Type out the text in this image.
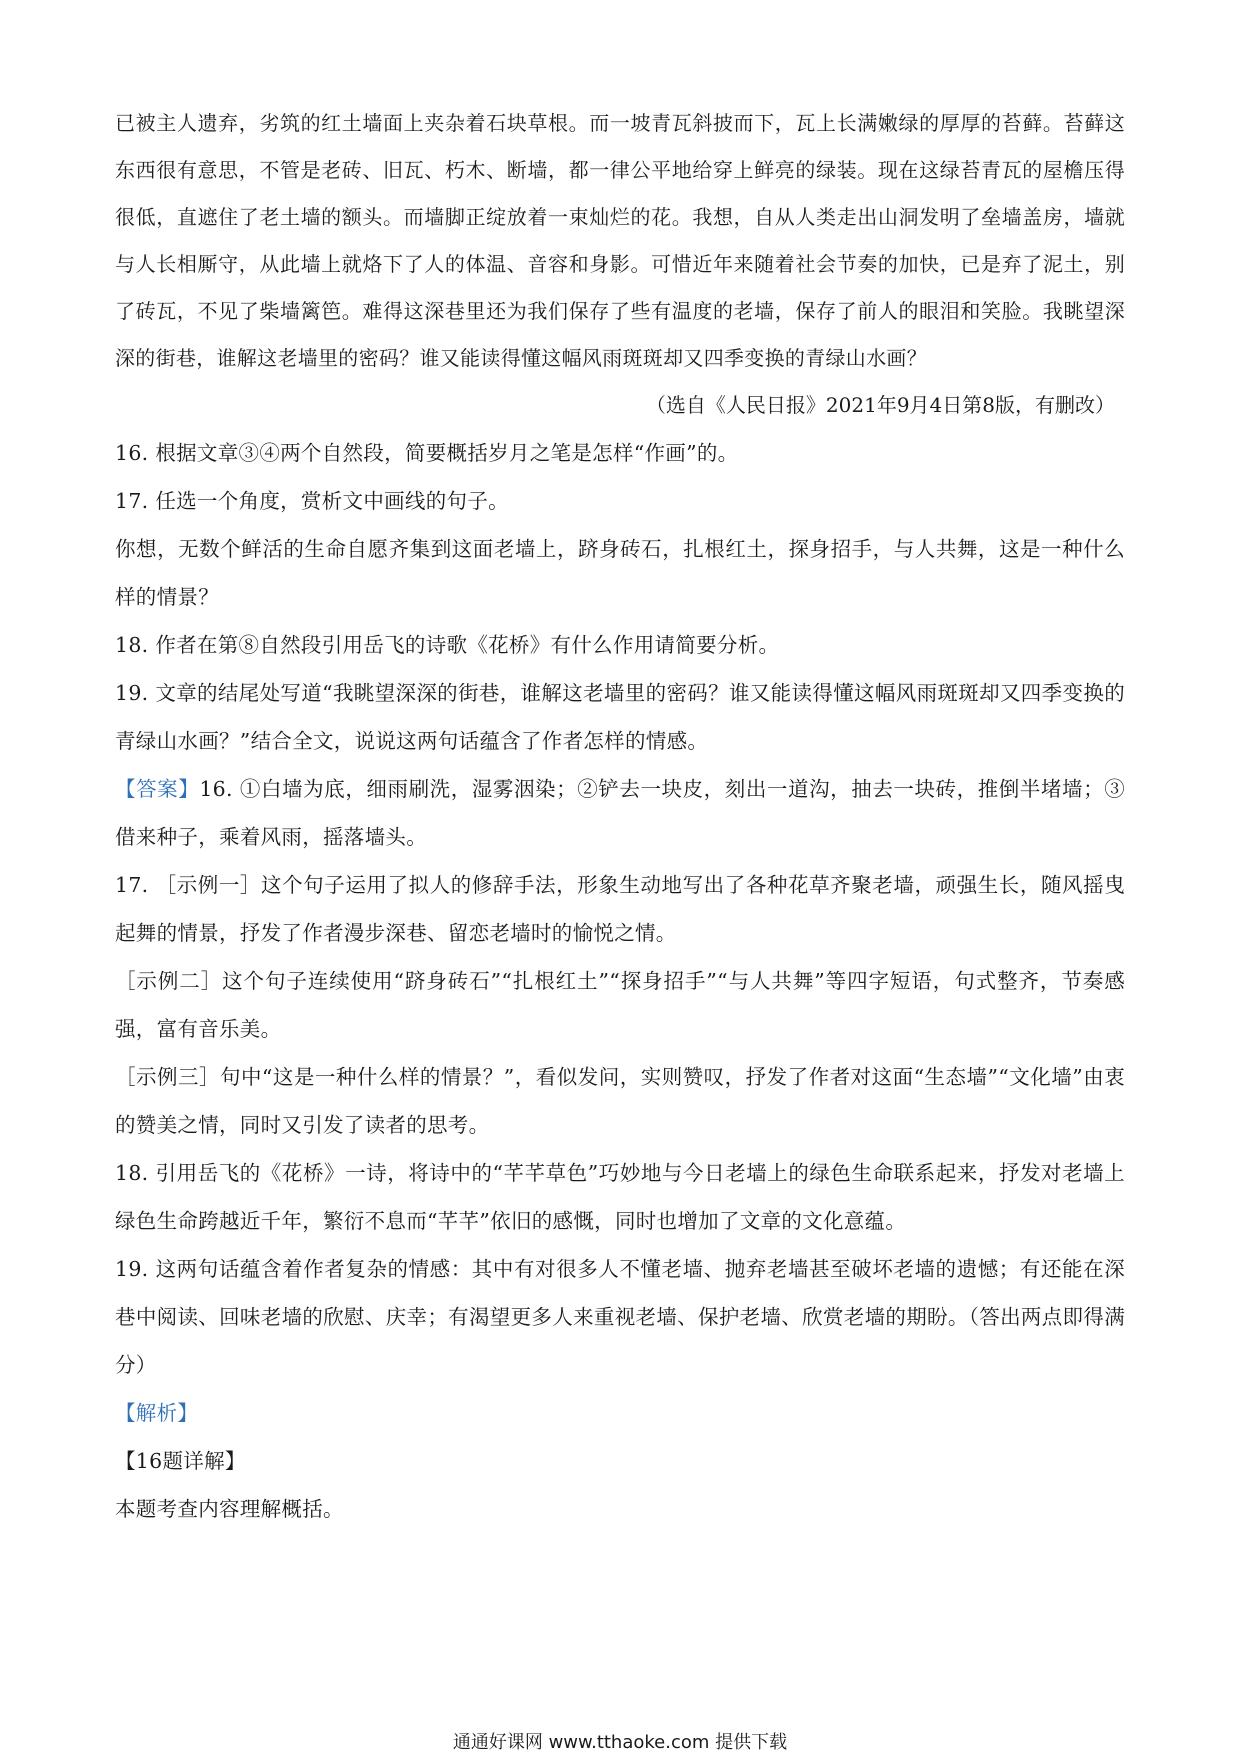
已被主人遗弃，劣筑的红土墙面上夹杂着石块草根。而一坡青瓦斜披而下，瓦上长满嫩绿的厚厚的苔藓。苔藓这东西很有意思，不管是老砖、旧瓦、朽木、断墙，都一律公平地给穿上鲜亮的绿装。现在这绿苔青瓦的屋檐压得很低，直遮住了老土墙的额头。而墙脚正绽放着一束灿烂的花。我想，自从人类走出山洞发明了垒墙盖房，墙就与人长相厮守，从此墙上就烙下了人的体温、音容和身影。可惜近年来随着社会节奏的加快，已是弃了泥土，别了砖瓦，不见了柴墙篱笆。难得这深巷里还为我们保存了些有温度的老墙，保存了前人的眼泪和笑脸。我眺望深深的街巷，谁解这老墙里的密码？谁又能读得懂这幅风雨斑斑却又四季变换的青绿山水画？

（选自《人民日报》2021年9月4日第8版，有删改）

16. 根据文章③④两个自然段，简要概括岁月之笔是怎样“作画”的。

17. 任选一个角度，赏析文中画线的句子。

你想，无数个鲜活的生命自愿齐集到这面老墙上，跻身砖石，扎根红土，探身招手，与人共舞，这是一种什么样的情景？

18. 作者在第⑧自然段引用岳飞的诗歌《花桥》有什么作用请简要分析。

19. 文章的结尾处写道“我眺望深深的街巷，谁解这老墙里的密码？谁又能读得懂这幅风雨斑斑却又四季变换的青绿山水画？”结合全文，说说这两句话蕴含了作者怎样的情感。

【答案】16. ①白墙为底，细雨刷洗，湿雾洇染；②铲去一块皮，刻出一道沟，抽去一块砖，推倒半堵墙；③借来种子，乘着风雨，摇落墙头。

17. ［示例一］这个句子运用了拟人的修辞手法，形象生动地写出了各种花草齐聚老墙，顽强生长，随风摇曳起舞的情景，抒发了作者漫步深巷、留恋老墙时的愉悦之情。

［示例二］这个句子连续使用“跻身砖石”“扎根红土”“探身招手”“与人共舞”等四字短语，句式整齐，节奏感强，富有音乐美。

［示例三］句中“这是一种什么样的情景？”，看似发问，实则赞叹，抒发了作者对这面“生态墙”“文化墙”由衷的赞美之情，同时又引发了读者的思考。

18. 引用岳飞的《花桥》一诗，将诗中的“芊芊草色”巧妙地与今日老墙上的绿色生命联系起来，抒发对老墙上绿色生命跨越近千年，繁衍不息而“芊芊”依旧的感慨，同时也增加了文章的文化意蕴。

19. 这两句话蕴含着作者复杂的情感：其中有对很多人不懂老墙、抛弃老墙甚至破坏老墙的遗憾；有还能在深巷中阅读、回味老墙的欣慰、庆幸；有渴望更多人来重视老墙、保护老墙、欣赏老墙的期盼。（答出两点即得满分）

【解析】

【16题详解】

本题考查内容理解概括。

通通好课网 www.tthaoke.com 提供下载
